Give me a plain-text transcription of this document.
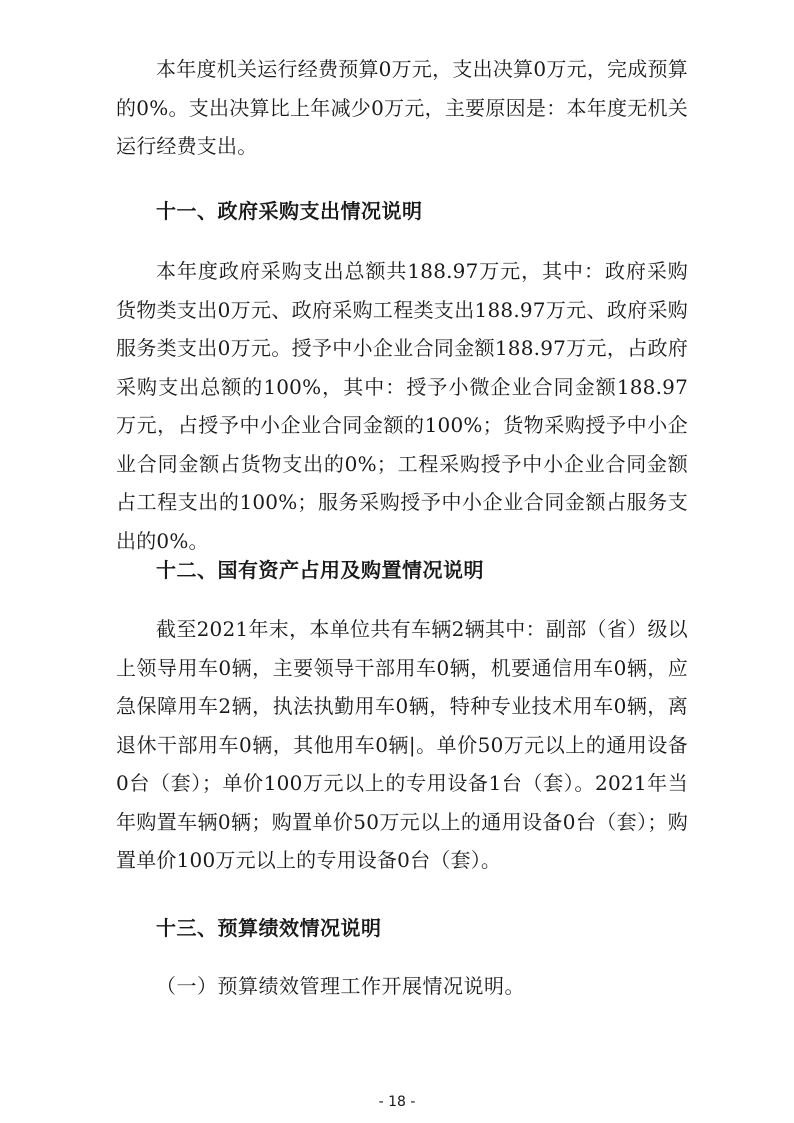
本年度机关运行经费预算0万元，支出决算0万元，完成预算的0%。支出决算比上年减少0万元，主要原因是：本年度无机关运行经费支出。

十一、政府采购支出情况说明

本年度政府采购支出总额共188.97万元，其中：政府采购货物类支出0万元、政府采购工程类支出188.97万元、政府采购服务类支出0万元。授予中小企业合同金额188.97万元，占政府采购支出总额的100%，其中：授予小微企业合同金额188.97万元，占授予中小企业合同金额的100%；货物采购授予中小企业合同金额占货物支出的0%；工程采购授予中小企业合同金额占工程支出的100%；服务采购授予中小企业合同金额占服务支出的0%。

十二、国有资产占用及购置情况说明

截至2021年末，本单位共有车辆2辆其中：副部（省）级以上领导用车0辆，主要领导干部用车0辆，机要通信用车0辆，应急保障用车2辆，执法执勤用车0辆，特种专业技术用车0辆，离退休干部用车0辆，其他用车0辆|。单价50万元以上的通用设备0台（套）；单价100万元以上的专用设备1台（套）。2021年当年购置车辆0辆；购置单价50万元以上的通用设备0台（套）；购置单价100万元以上的专用设备0台（套）。

十三、预算绩效情况说明

（一）预算绩效管理工作开展情况说明。

- 18 -
